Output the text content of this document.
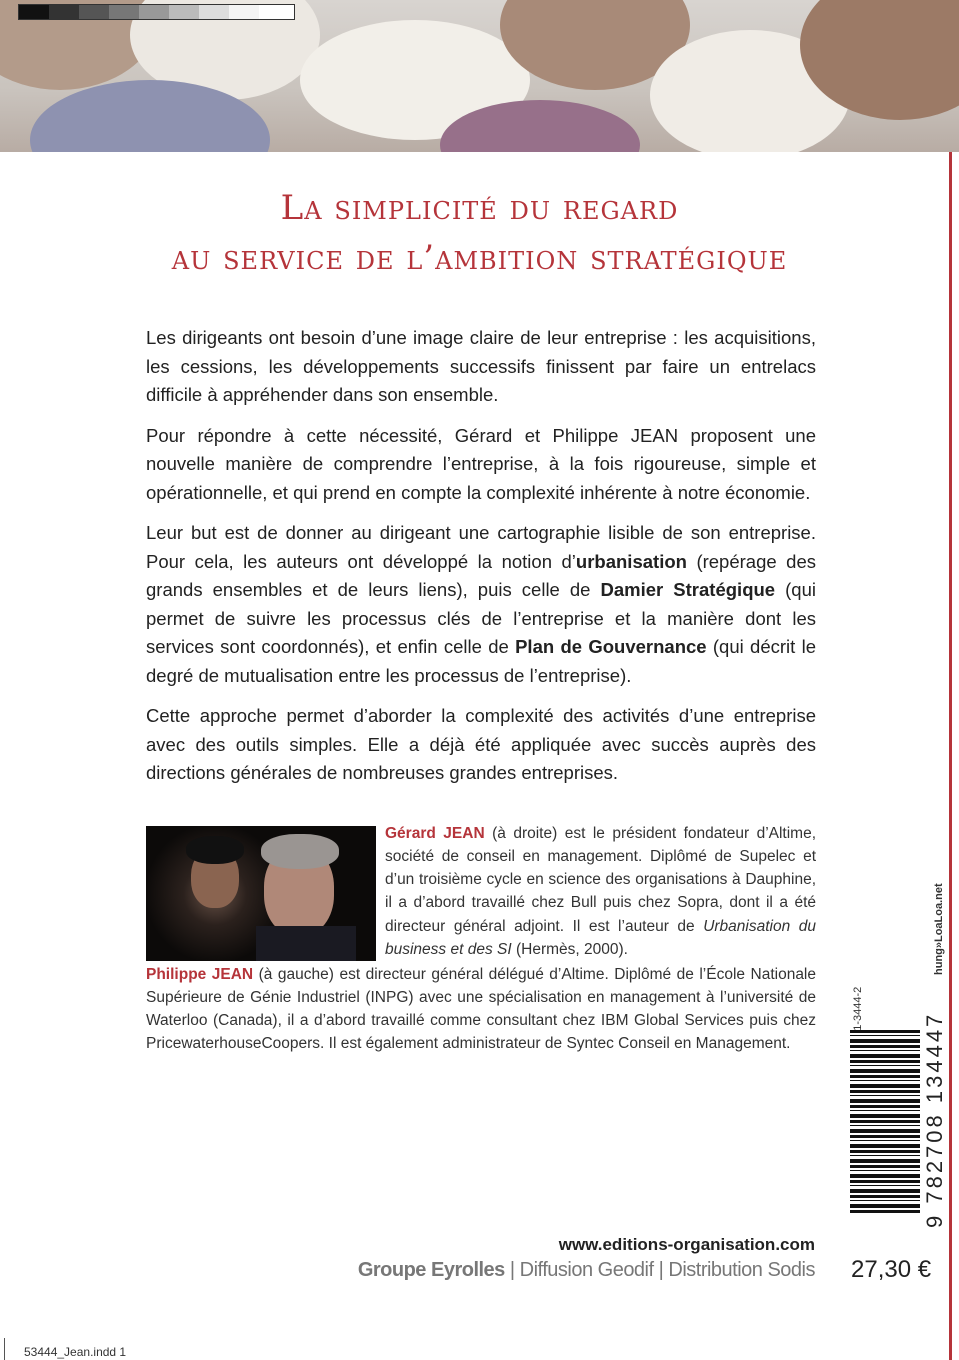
La simplicité du regard
au service de l’ambition stratégique

Les dirigeants ont besoin d’une image claire de leur entreprise : les acquisitions, les cessions, les développements successifs finissent par faire un entrelacs difficile à appréhender dans son ensemble.

Pour répondre à cette nécessité, Gérard et Philippe JEAN proposent une nouvelle manière de comprendre l’entreprise, à la fois rigoureuse, simple et opérationnelle, et qui prend en compte la complexité inhérente à notre économie.

Leur but est de donner au dirigeant une cartographie lisible de son entreprise. Pour cela, les auteurs ont développé la notion d’urbanisation (repérage des grands ensembles et de leurs liens), puis celle de Damier Stratégique (qui permet de suivre les processus clés de l’entreprise et la manière dont les services sont coordonnés), et enfin celle de Plan de Gouvernance (qui décrit le degré de mutualisation entre les processus de l’entreprise).

Cette approche permet d’aborder la complexité des activités d’une entreprise avec des outils simples. Elle a déjà été appliquée avec succès auprès des directions générales de nombreuses grandes entreprises.

Gérard JEAN (à droite) est le président fondateur d’Altime, société de conseil en management. Diplômé de Supelec et d’un troisième cycle en science des organisations à Dauphine, il a d’abord travaillé chez Bull puis chez Sopra, dont il a été directeur général adjoint. Il est l’auteur de Urbanisation du business et des SI (Hermès, 2000).
Philippe JEAN (à gauche) est directeur général délégué d’Altime. Diplômé de l’École Nationale Supérieure de Génie Industriel (INPG) avec une spécialisation en management à l’université de Waterloo (Canada), il a d’abord travaillé comme consultant chez IBM Global Services puis chez PricewaterhouseCoopers. Il est également administrateur de Syntec Conseil en Management.
hung»LoaLoa.net
9 782708 134447
27,30 €
www.editions-organisation.com
Groupe Eyrolles | Diffusion Geodif | Distribution Sodis
53444_Jean.indd 1
